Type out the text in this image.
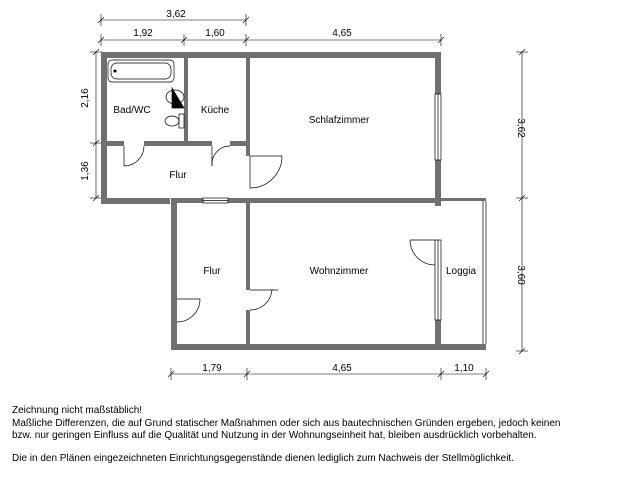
3,62
1,92	1,60	4,65
2,16
1,36
3,62
3,60
1,79	4,65	1,10
Bad/WC	Küche
Schlafzimmer
Flur
Flur	Wohnzimmer	Loggia

Zeichnung nicht maßstäblich!

Maßliche Differenzen, die auf Grund statischer Maßnahmen oder sich aus bautechnischen Gründen ergeben, jedoch keinen

bzw. nur geringen Einfluss auf die Qualität und Nutzung in der Wohnungseinheit hat, bleiben ausdrücklich vorbehalten.

Die in den Plänen eingezeichneten Einrichtungsgegenstände dienen lediglich zum Nachweis der Stellmöglichkeit.
